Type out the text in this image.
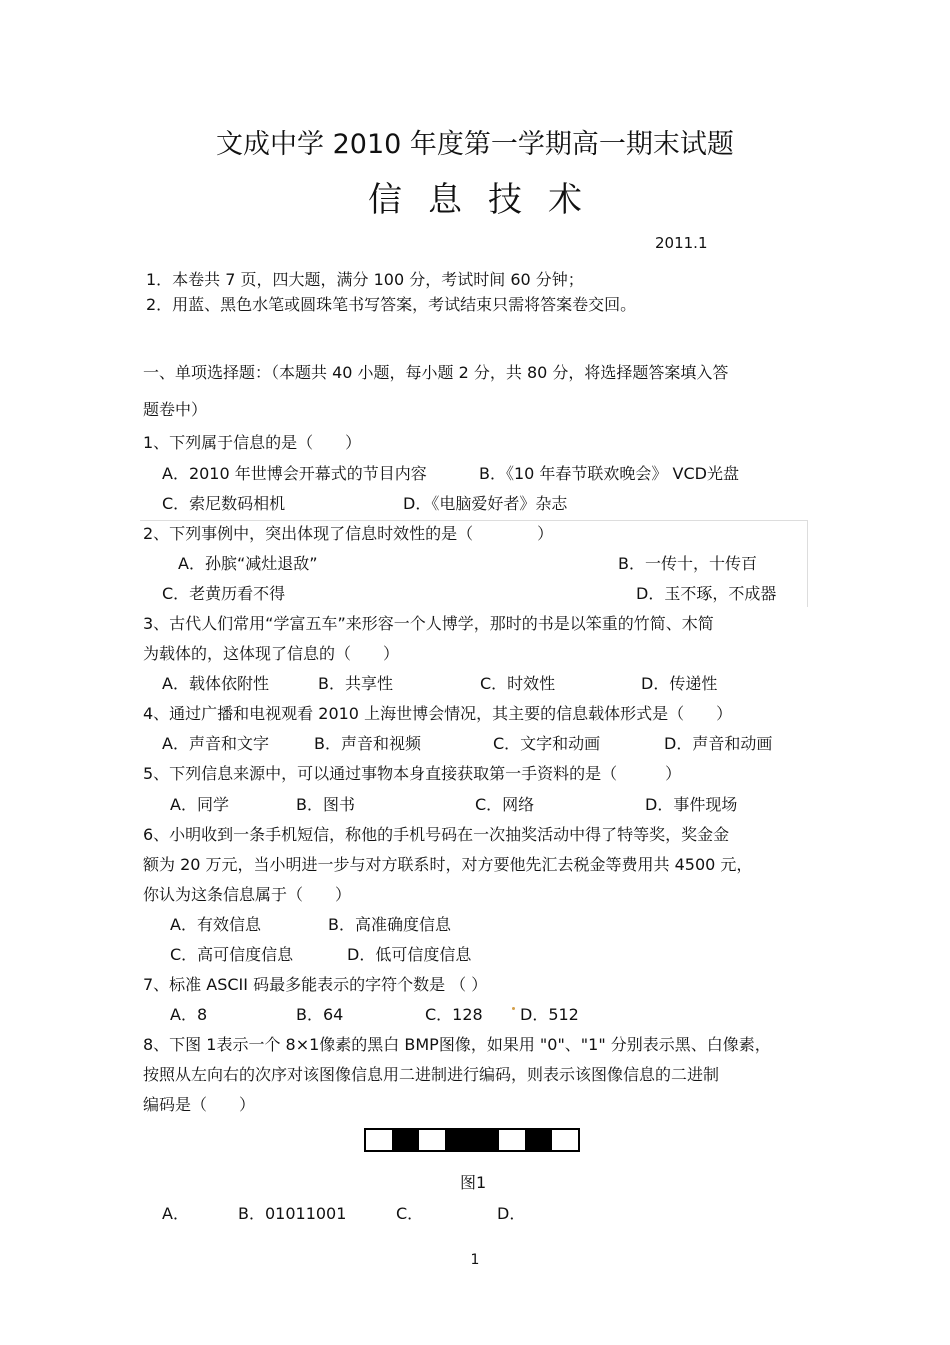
文成中学 2010 年度第一学期高一期末试题
信息技术
2011.1
1．本卷共 7 页，四大题，满分 100 分，考试时间 60 分钟；
2．用蓝、黑色水笔或圆珠笔书写答案，考试结束只需将答案卷交回。
一、单项选择题：（本题共 40 小题，每小题 2 分，共 80 分，将选择题答案填入答
题卷中）
1、下列属于信息的是（　　）
A．2010 年世博会开幕式的节目内容	B．《10 年春节联欢晚会》 VCD光盘
C．索尼数码相机	D．《电脑爱好者》杂志
2、下列事例中，突出体现了信息时效性的是（　　　　）
A．孙膑“减灶退敌”	B．一传十，十传百
C．老黄历看不得	D．玉不琢，不成器
3、古代人们常用“学富五车”来形容一个人博学，那时的书是以笨重的竹简、木简
为载体的，这体现了信息的（　　）
A．载体依附性	B．共享性	C．时效性	D．传递性
4、通过广播和电视观看 2010 上海世博会情况，其主要的信息载体形式是（　　）
A．声音和文字	B．声音和视频	C．文字和动画	D．声音和动画
5、下列信息来源中，可以通过事物本身直接获取第一手资料的是（　　　）
A．同学	B．图书	C．网络	D．事件现场
6、小明收到一条手机短信，称他的手机号码在一次抽奖活动中得了特等奖，奖金金
额为 20 万元，当小明进一步与对方联系时，对方要他先汇去税金等费用共 4500 元，
你认为这条信息属于（　　）
A．有效信息	B．高准确度信息
C．高可信度信息	D．低可信度信息
7、标准 ASCII 码最多能表示的字符个数是 （ ）
A．8	B．64	C．128 D．512
8、下图 1表示一个 8×1像素的黑白 BMP图像，如果用 "0"、"1" 分别表示黑、白像素，
按照从左向右的次序对该图像信息用二进制进行编码，则表示该图像信息的二进制
编码是（　　）
图1
A．	B．01011001	C．	D．
1
